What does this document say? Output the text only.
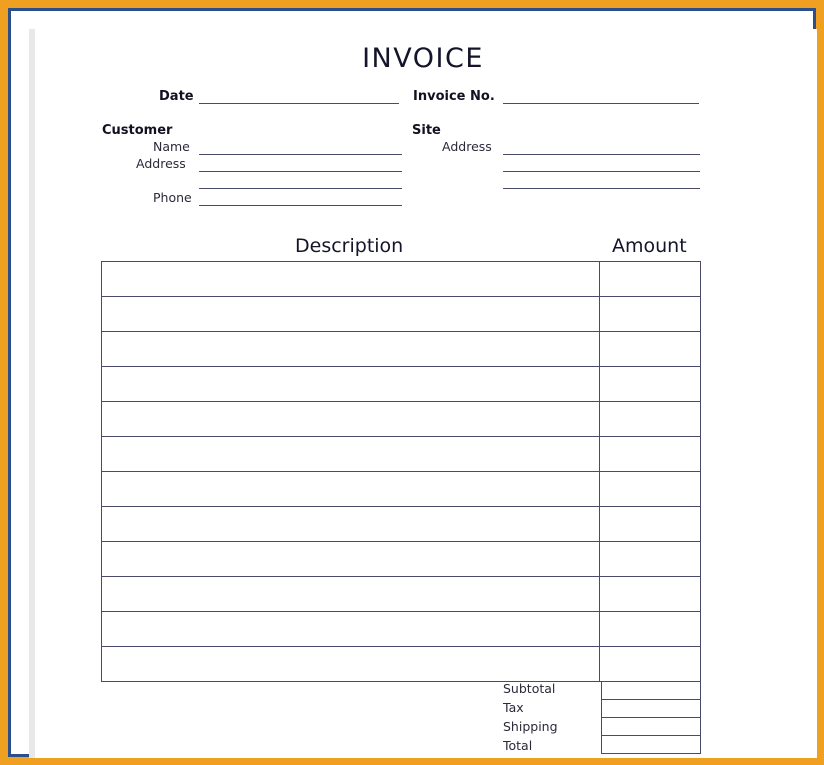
INVOICE
Date	Invoice No.
Customer
Name
Address
Phone
Site
Address
Description	Amount

Subtotal
Tax
Shipping
Total
